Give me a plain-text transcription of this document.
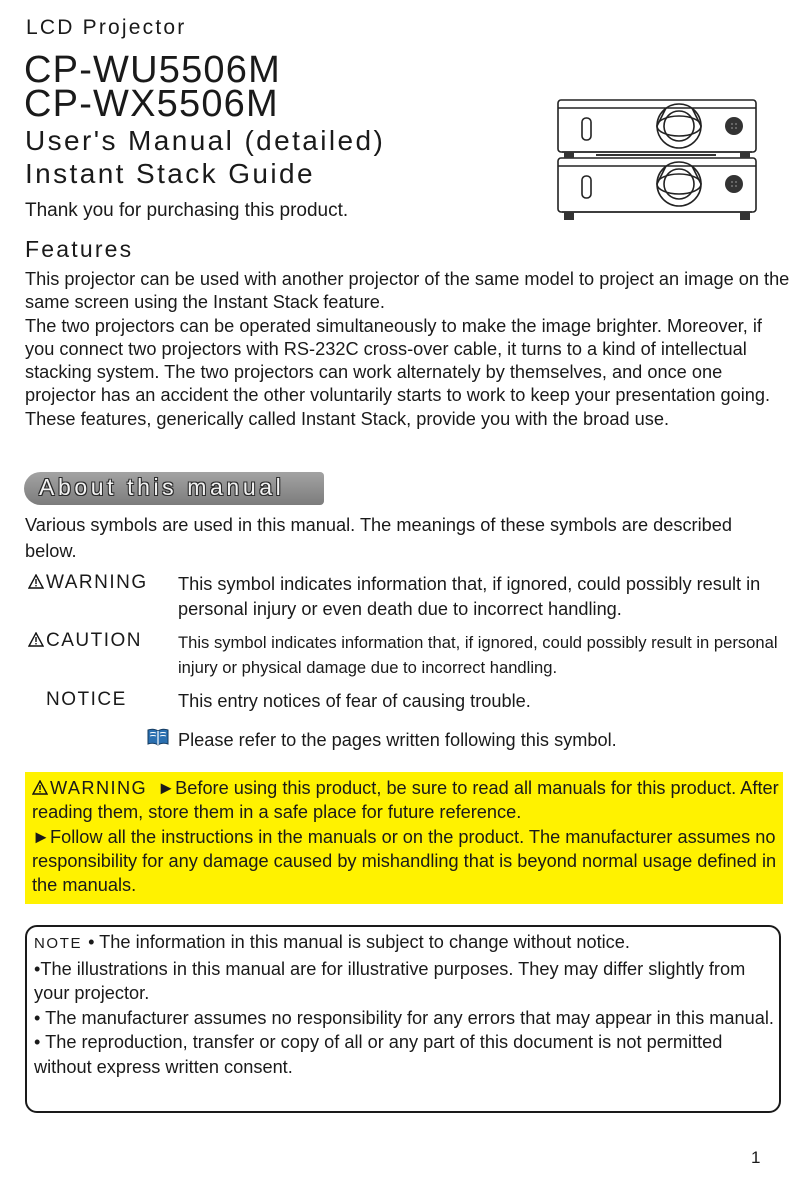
LCD Projector
CP-WU5506M
CP-WX5506M
User's Manual (detailed)
Instant Stack Guide
Thank you for purchasing this product.
Features

This projector can be used with another projector of the same model to project an image on the same screen using the Instant Stack feature.

The two projectors can be operated simultaneously to make the image brighter. Moreover, if you connect two projectors with RS-232C cross-over cable, it turns to a kind of intellectual stacking system. The two projectors can work alternately by themselves, and once one projector has an accident the other voluntarily starts to work to keep your presentation going.

These features, generically called Instant Stack, provide you with the broad use.

About this manual
Various symbols are used in this manual. The meanings of these symbols are described below.
WARNING This symbol indicates information that, if ignored, could possibly result in personal injury or even death due to incorrect handling.
CAUTION This symbol indicates information that, if ignored, could possibly result in personal injury or physical damage due to incorrect handling.
NOTICE	This entry notices of fear of causing trouble.
Please refer to the pages written following this symbol.

WARNING ►Before using this product, be sure to read all manuals for this product. After reading them, store them in a safe place for future reference.

►Follow all the instructions in the manuals or on the product. The manufacturer assumes no responsibility for any damage caused by mishandling that is beyond normal usage defined in the manuals.

NOTE • The information in this manual is subject to change without notice.

•The illustrations in this manual are for illustrative purposes. They may differ slightly from your projector.

• The manufacturer assumes no responsibility for any errors that may appear in this manual.

• The reproduction, transfer or copy of all or any part of this document is not permitted without express written consent.

1
